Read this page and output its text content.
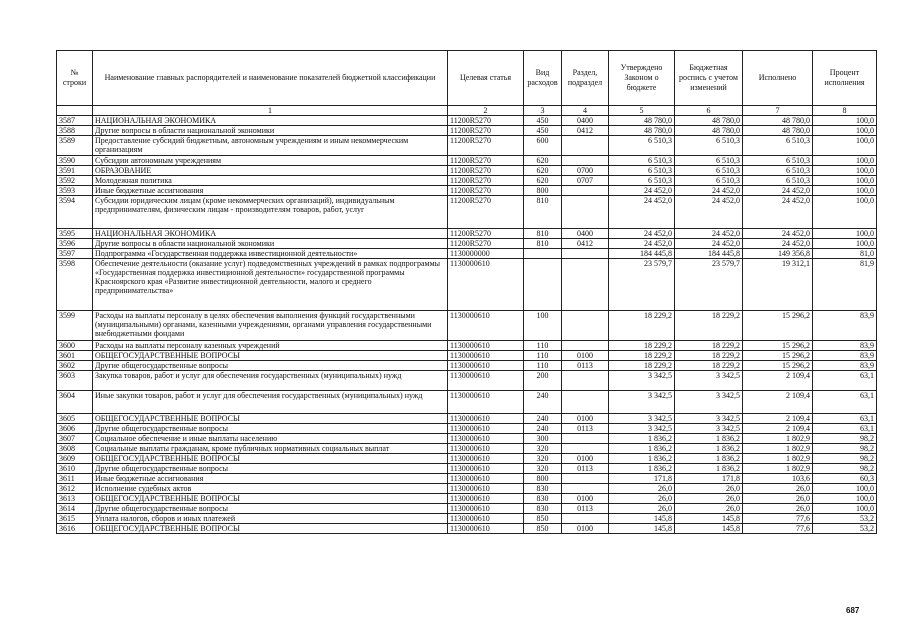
№ строки	Наименование главных распорядителей и наименование показателей бюджетной классификации	Целевая статья	Вид расходов	Раздел, подраздел	Утверждено Законом о бюджете	Бюджетная роспись с учетом изменений	Исполнено	Процент исполнения
	1	2	3	4	5	6	7	8
3587	НАЦИОНАЛЬНАЯ ЭКОНОМИКА	11200R5270	450	0400	48 780,0	48 780,0	48 780,0	100,0
3588	Другие вопросы в области национальной экономики	11200R5270	450	0412	48 780,0	48 780,0	48 780,0	100,0
3589	Предоставление субсидий бюджетным, автономным учреждениям и иным некоммерческим организациям	11200R5270	600		6 510,3	6 510,3	6 510,3	100,0
3590	Субсидии автономным учреждениям	11200R5270	620		6 510,3	6 510,3	6 510,3	100,0
3591	ОБРАЗОВАНИЕ	11200R5270	620	0700	6 510,3	6 510,3	6 510,3	100,0
3592	Молодежная политика	11200R5270	620	0707	6 510,3	6 510,3	6 510,3	100,0
3593	Иные бюджетные ассигнования	11200R5270	800		24 452,0	24 452,0	24 452,0	100,0
3594	Субсидии юридическим лицам (кроме некоммерческих организаций), индивидуальным предпринимателям, физическим лицам - производителям товаров, работ, услуг	11200R5270	810		24 452,0	24 452,0	24 452,0	100,0
3595	НАЦИОНАЛЬНАЯ ЭКОНОМИКА	11200R5270	810	0400	24 452,0	24 452,0	24 452,0	100,0
3596	Другие вопросы в области национальной экономики	11200R5270	810	0412	24 452,0	24 452,0	24 452,0	100,0
3597	Подпрограмма «Государственная поддержка инвестиционной деятельности»	1130000000			184 445,8	184 445,8	149 356,8	81,0
3598	Обеспечение деятельности (оказание услуг) подведомственных учреждений в рамках подпрограммы «Государственная поддержка инвестиционной деятельности» государственной программы Красноярского края «Развитие инвестиционной деятельности, малого и среднего предпринимательства»	1130000610			23 579,7	23 579,7	19 312,1	81,9
3599	Расходы на выплаты персоналу в целях обеспечения выполнения функций государственными (муниципальными) органами, казенными учреждениями, органами управления государственными внебюджетными фондами	1130000610	100		18 229,2	18 229,2	15 296,2	83,9
3600	Расходы на выплаты персоналу казенных учреждений	1130000610	110		18 229,2	18 229,2	15 296,2	83,9
3601	ОБЩЕГОСУДАРСТВЕННЫЕ ВОПРОСЫ	1130000610	110	0100	18 229,2	18 229,2	15 296,2	83,9
3602	Другие общегосударственные вопросы	1130000610	110	0113	18 229,2	18 229,2	15 296,2	83,9
3603	Закупка товаров, работ и услуг для обеспечения государственных (муниципальных) нужд	1130000610	200		3 342,5	3 342,5	2 109,4	63,1
3604	Иные закупки товаров, работ и услуг для обеспечения государственных (муниципальных) нужд	1130000610	240		3 342,5	3 342,5	2 109,4	63,1
3605	ОБЩЕГОСУДАРСТВЕННЫЕ ВОПРОСЫ	1130000610	240	0100	3 342,5	3 342,5	2 109,4	63,1
3606	Другие общегосударственные вопросы	1130000610	240	0113	3 342,5	3 342,5	2 109,4	63,1
3607	Социальное обеспечение и иные выплаты населению	1130000610	300		1 836,2	1 836,2	1 802,9	98,2
3608	Социальные выплаты гражданам, кроме публичных нормативных социальных выплат	1130000610	320		1 836,2	1 836,2	1 802,9	98,2
3609	ОБЩЕГОСУДАРСТВЕННЫЕ ВОПРОСЫ	1130000610	320	0100	1 836,2	1 836,2	1 802,9	98,2
3610	Другие общегосударственные вопросы	1130000610	320	0113	1 836,2	1 836,2	1 802,9	98,2
3611	Иные бюджетные ассигнования	1130000610	800		171,8	171,8	103,6	60,3
3612	Исполнение судебных актов	1130000610	830		26,0	26,0	26,0	100,0
3613	ОБЩЕГОСУДАРСТВЕННЫЕ ВОПРОСЫ	1130000610	830	0100	26,0	26,0	26,0	100,0
3614	Другие общегосударственные вопросы	1130000610	830	0113	26,0	26,0	26,0	100,0
3615	Уплата налогов, сборов и иных платежей	1130000610	850		145,8	145,8	77,6	53,2
3616	ОБЩЕГОСУДАРСТВЕННЫЕ ВОПРОСЫ	1130000610	850	0100	145,8	145,8	77,6	53,2
687
